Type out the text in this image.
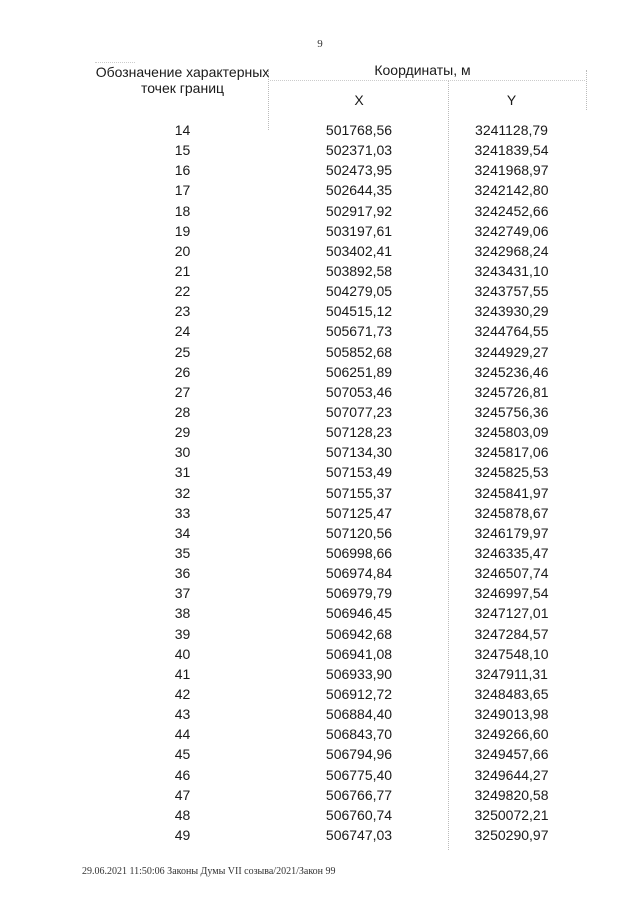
9
Обозначение характерных точек границ
Координаты, м
X	Y
14	501768,56	3241128,79
15	502371,03	3241839,54
16	502473,95	3241968,97
17	502644,35	3242142,80
18	502917,92	3242452,66
19	503197,61	3242749,06
20	503402,41	3242968,24
21	503892,58	3243431,10
22	504279,05	3243757,55
23	504515,12	3243930,29
24	505671,73	3244764,55
25	505852,68	3244929,27
26	506251,89	3245236,46
27	507053,46	3245726,81
28	507077,23	3245756,36
29	507128,23	3245803,09
30	507134,30	3245817,06
31	507153,49	3245825,53
32	507155,37	3245841,97
33	507125,47	3245878,67
34	507120,56	3246179,97
35	506998,66	3246335,47
36	506974,84	3246507,74
37	506979,79	3246997,54
38	506946,45	3247127,01
39	506942,68	3247284,57
40	506941,08	3247548,10
41	506933,90	3247911,31
42	506912,72	3248483,65
43	506884,40	3249013,98
44	506843,70	3249266,60
45	506794,96	3249457,66
46	506775,40	3249644,27
47	506766,77	3249820,58
48	506760,74	3250072,21
49	506747,03	3250290,97
29.06.2021 11:50:06 Законы Думы VII созыва/2021/Закон 99
